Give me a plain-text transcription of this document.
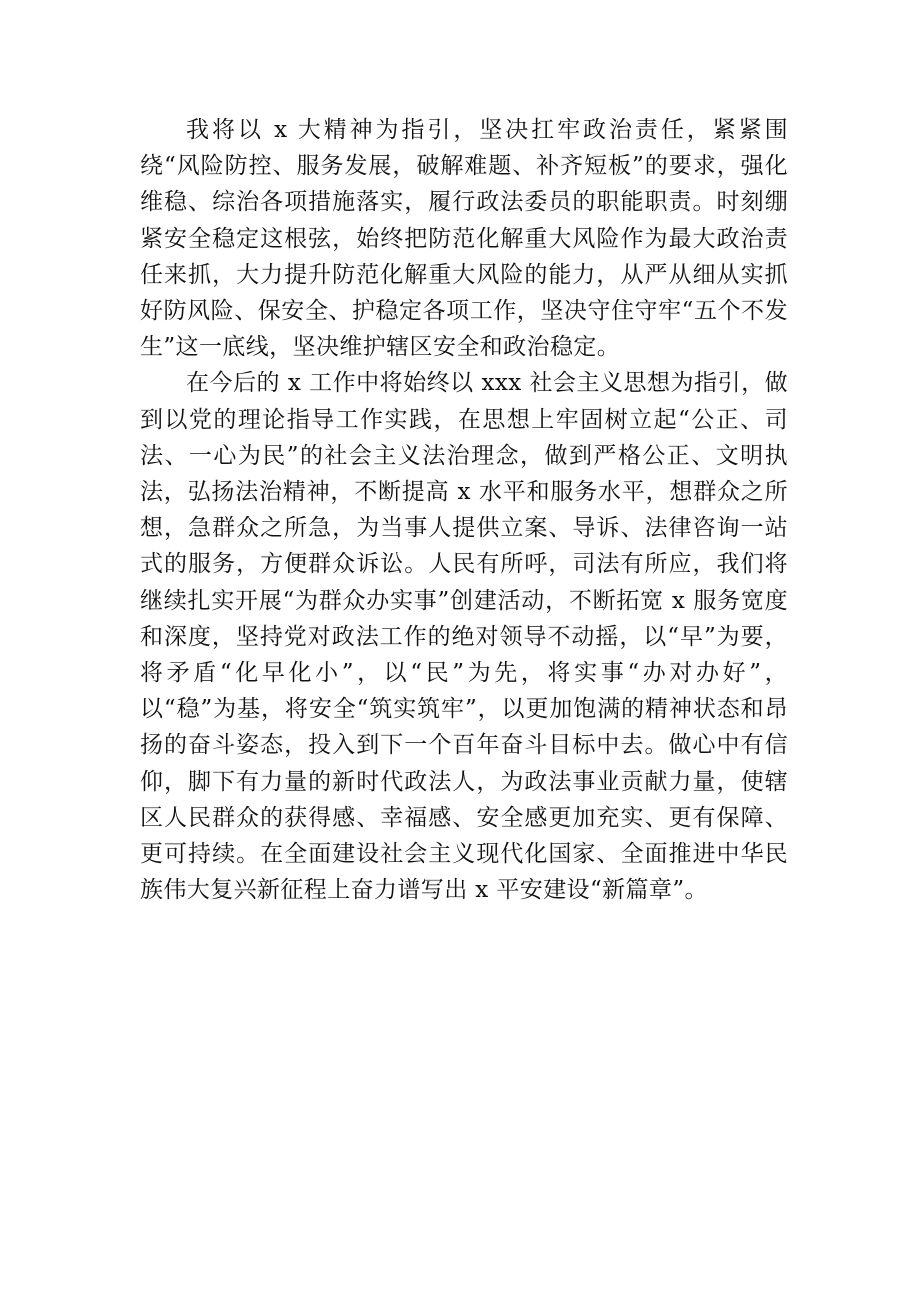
我将以 x 大精神为指引，坚决扛牢政治责任，紧紧围绕“风险防控、服务发展，破解难题、补齐短板”的要求，强化维稳、综治各项措施落实，履行政法委员的职能职责。时刻绷紧安全稳定这根弦，始终把防范化解重大风险作为最大政治责任来抓，大力提升防范化解重大风险的能力，从严从细从实抓好防风险、保安全、护稳定各项工作，坚决守住守牢“五个不发生”这一底线，坚决维护辖区安全和政治稳定。

在今后的 x 工作中将始终以 xxx 社会主义思想为指引，做到以党的理论指导工作实践，在思想上牢固树立起“公正、司法、一心为民”的社会主义法治理念，做到严格公正、文明执法，弘扬法治精神，不断提高 x 水平和服务水平，想群众之所想，急群众之所急，为当事人提供立案、导诉、法律咨询一站式的服务，方便群众诉讼。人民有所呼，司法有所应，我们将继续扎实开展“为群众办实事”创建活动，不断拓宽 x 服务宽度和深度，坚持党对政法工作的绝对领导不动摇，以“早”为要，将矛盾“化早化小”，以“民”为先，将实事“办对办好”，以“稳”为基，将安全“筑实筑牢”，以更加饱满的精神状态和昂扬的奋斗姿态，投入到下一个百年奋斗目标中去。做心中有信仰，脚下有力量的新时代政法人，为政法事业贡献力量，使辖区人民群众的获得感、幸福感、安全感更加充实、更有保障、更可持续。在全面建设社会主义现代化国家、全面推进中华民族伟大复兴新征程上奋力谱写出 x 平安建设“新篇章”。
